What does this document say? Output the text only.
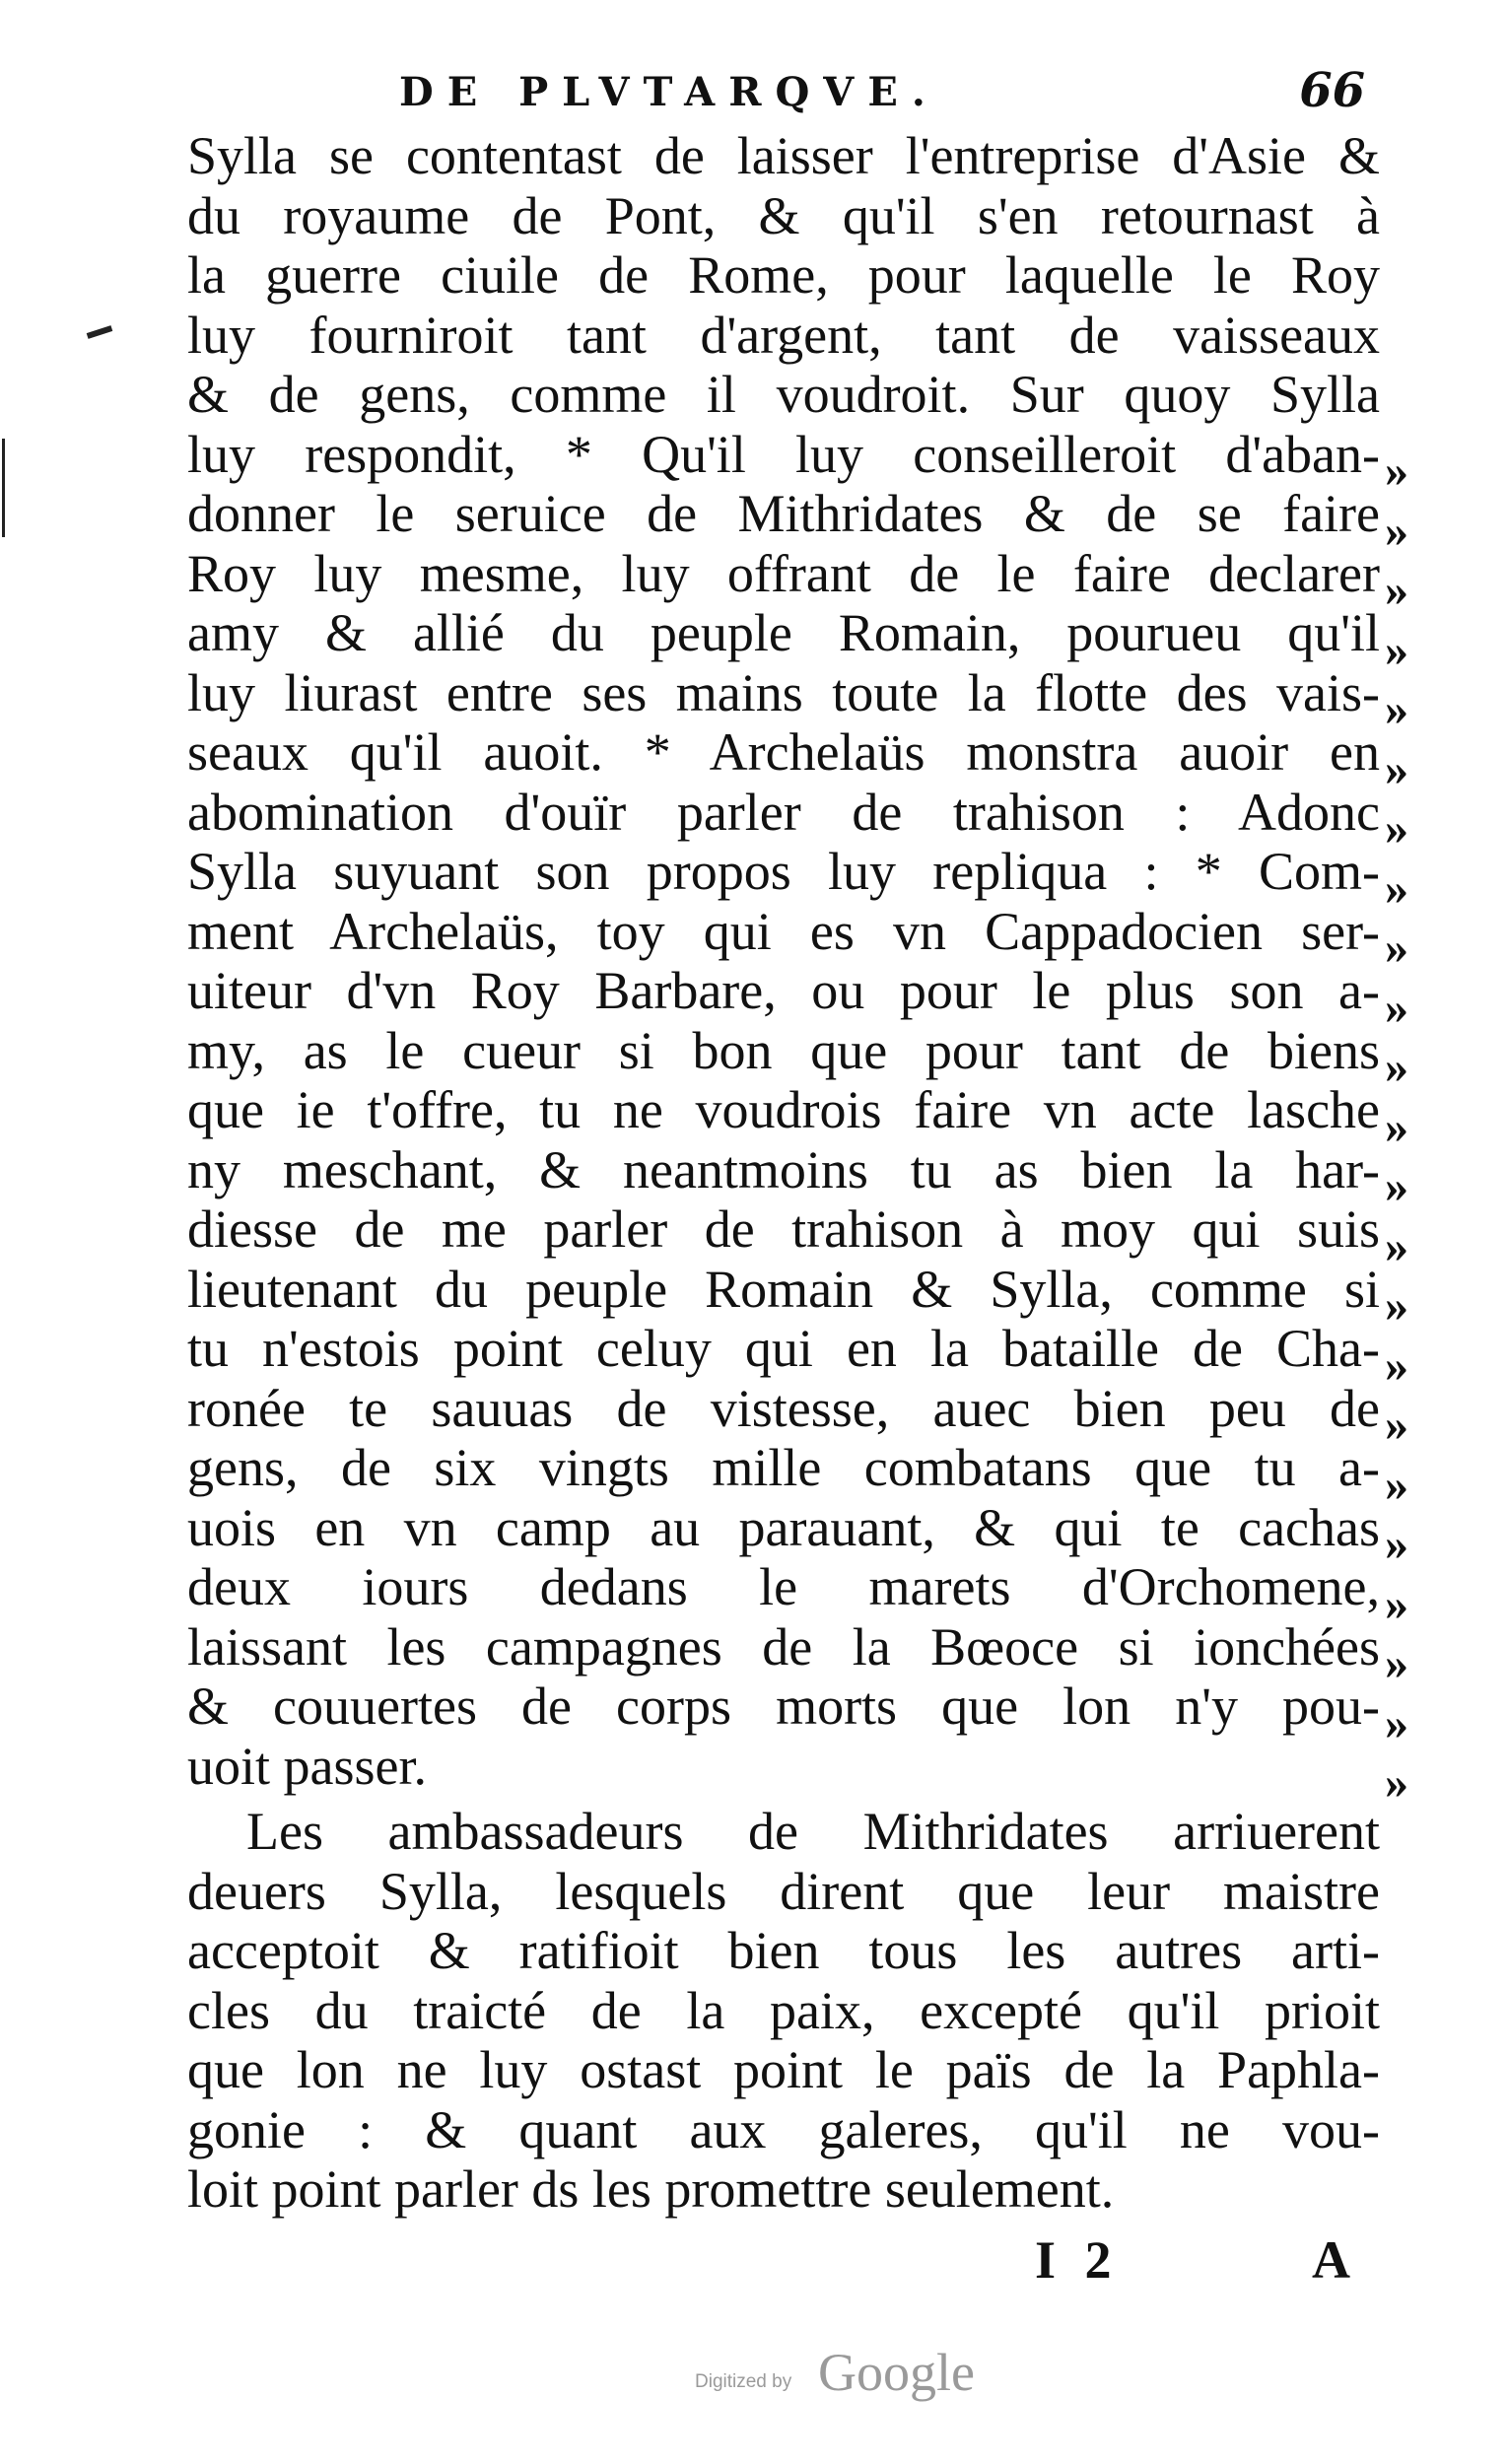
DE PLVTARQVE.	66
Sylla se contentast de laisser l'entreprise d'Asie &
du royaume de Pont, & qu'il s'en retournast à
la guerre ciuile de Rome, pour laquelle le Roy
luy fourniroit tant d'argent, tant de vaisseaux
& de gens, comme il voudroit. Sur quoy Sylla
luy respondit, * Qu'il luy conseilleroit d'aban-
donner le seruice de Mithridates & de se faire
Roy luy mesme, luy offrant de le faire declarer
amy & allié du peuple Romain, pourueu qu'il
luy liurast entre ses mains toute la flotte des vais-
seaux qu'il auoit. * Archelaüs monstra auoir en
abomination d'ouïr parler de trahison : Adonc
Sylla suyuant son propos luy repliqua : * Com-
ment Archelaüs, toy qui es vn Cappadocien ser-
uiteur d'vn Roy Barbare, ou pour le plus son a-
my, as le cueur si bon que pour tant de biens
que ie t'offre, tu ne voudrois faire vn acte lasche
ny meschant, & neantmoins tu as bien la har-
diesse de me parler de trahison à moy qui suis
lieutenant du peuple Romain & Sylla, comme si
tu n'estois point celuy qui en la bataille de Cha-
ronée te sauuas de vistesse, auec bien peu de
gens, de six vingts mille combatans que tu a-
uois en vn camp au parauant, & qui te cachas
deux iours dedans le marets d'Orchomene,
laissant les campagnes de la Bœoce si ionchées
& couuertes de corps morts que lon n'y pou-
uoit passer.
Les ambassadeurs de Mithridates arriuerent
deuers Sylla, lesquels dirent que leur maistre
acceptoit & ratifioit bien tous les autres arti-
cles du traicté de la paix, excepté qu'il prioit
que lon ne luy ostast point le païs de la Paphla-
gonie : & quant aux galeres, qu'il ne vou-
loit point parler ds les promettre seulement.
»
»
»
»
»
»
»
»
»
»
»
»
»
»
»
»
»
»
»
»
»
»
»
I 2	A
Digitized by Google
